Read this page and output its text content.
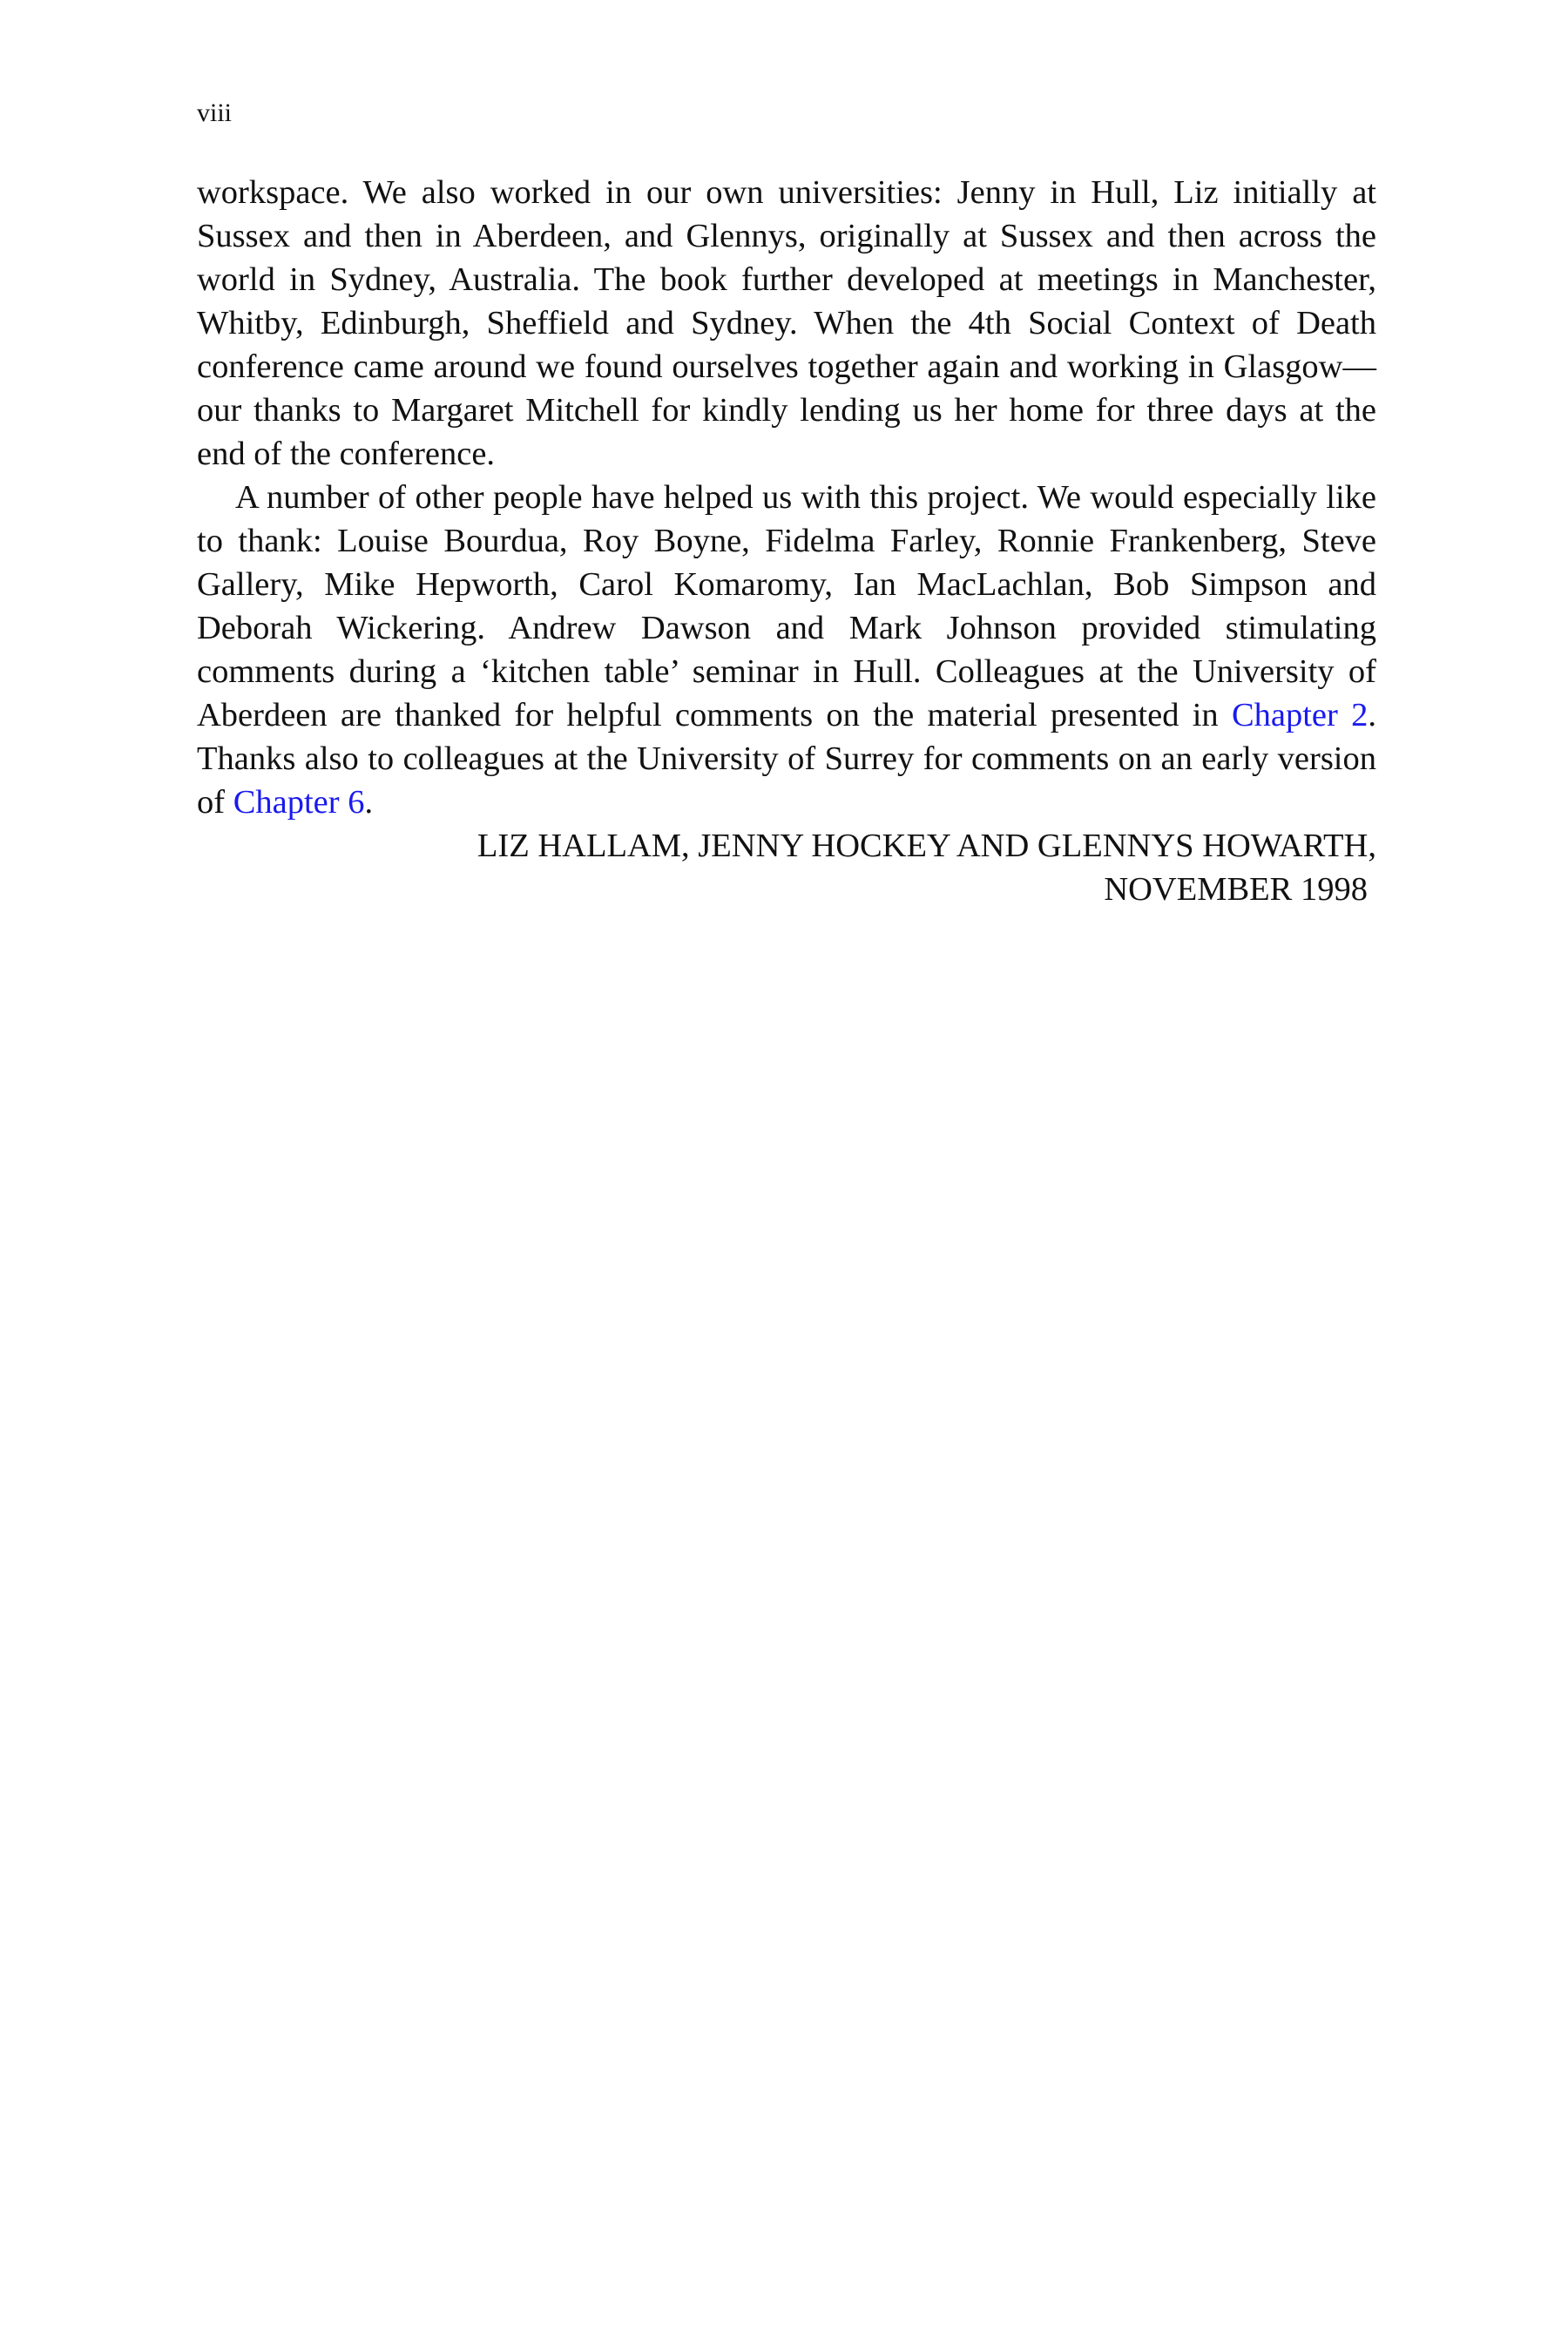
viii

workspace. We also worked in our own universities: Jenny in Hull, Liz initially at Sussex and then in Aberdeen, and Glennys, originally at Sussex and then across the world in Sydney, Australia. The book further developed at meetings in Manchester, Whitby, Edinburgh, Sheffield and Sydney. When the 4th Social Context of Death conference came around we found ourselves together again and working in Glasgow—our thanks to Margaret Mitchell for kindly lending us her home for three days at the end of the conference.

A number of other people have helped us with this project. We would especially like to thank: Louise Bourdua, Roy Boyne, Fidelma Farley, Ronnie Frankenberg, Steve Gallery, Mike Hepworth, Carol Komaromy, Ian MacLachlan, Bob Simpson and Deborah Wickering. Andrew Dawson and Mark Johnson provided stimulating comments during a ‘kitchen table’ seminar in Hull. Colleagues at the University of Aberdeen are thanked for helpful comments on the material presented in Chapter 2. Thanks also to colleagues at the University of Surrey for comments on an early version of Chapter 6.

LIZ HALLAM, JENNY HOCKEY AND GLENNYS HOWARTH,
NOVEMBER 1998
